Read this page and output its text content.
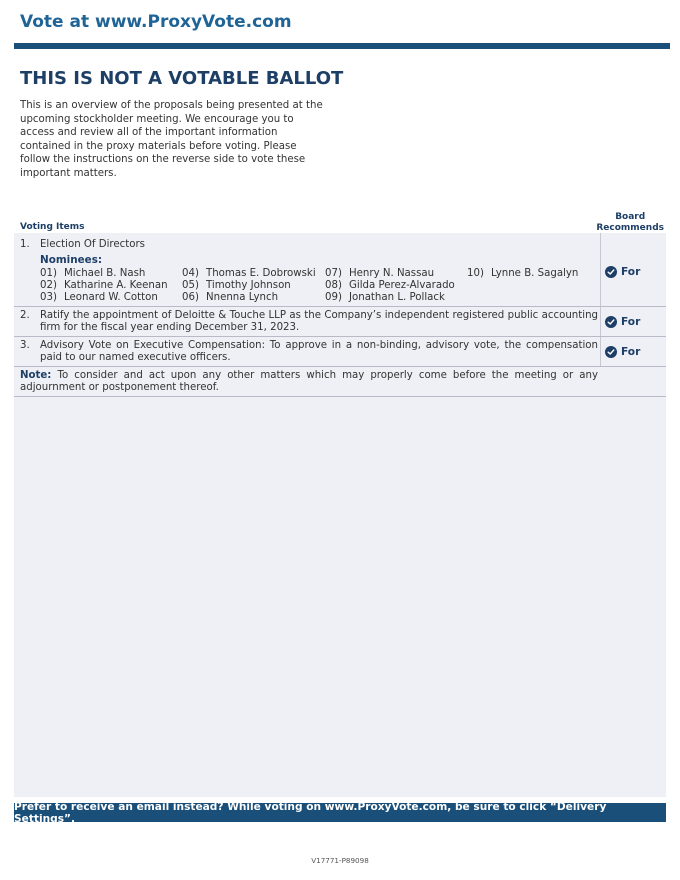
Vote at www.ProxyVote.com
THIS IS NOT A VOTABLE BALLOT
This is an overview of the proposals being presented at the upcoming stockholder meeting. We encourage you to access and review all of the important information contained in the proxy materials before voting. Please follow the instructions on the reverse side to vote these important matters.
Voting Items
Board
Recommends
1. Election Of Directors
Nominees:
01) Michael B. Nash
02) Katharine A. Keenan
03) Leonard W. Cotton
04) Thomas E. Dobrowski
05) Timothy Johnson
06) Nnenna Lynch
07) Henry N. Nassau
08) Gilda Perez-Alvarado
09) Jonathan L. Pollack
10) Lynne B. Sagalyn	For
2. Ratify the appointment of Deloitte & Touche LLP as the Company’s independent registered public accounting firm for the fiscal year ending December 31, 2023.	For
3. Advisory Vote on Executive Compensation: To approve in a non-binding, advisory vote, the compensation paid to our named executive officers.	For
Note: To consider and act upon any other matters which may properly come before the meeting or any adjournment or postponement thereof.
Prefer to receive an email instead? While voting on www.ProxyVote.com, be sure to click “Delivery Settings”.
V17771-P89098
